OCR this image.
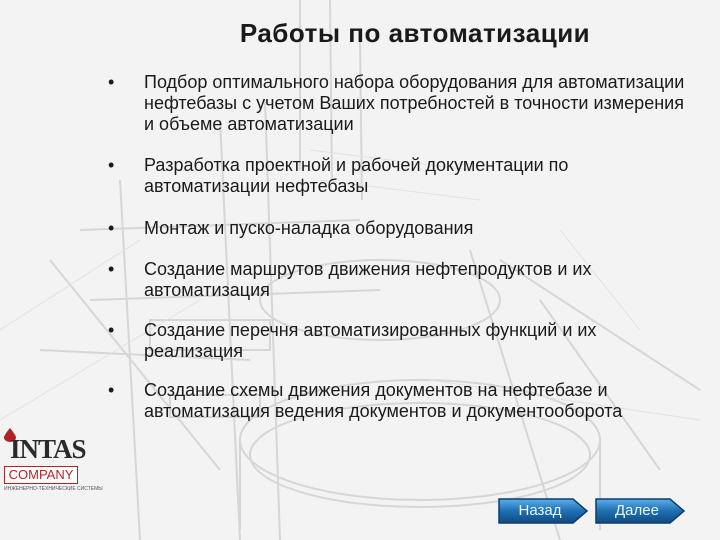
Работы по автоматизации
• Подбор оптимального набора оборудования для автоматизации нефтебазы с учетом Ваших потребностей в точности измерения и объеме автоматизации
• Разработка проектной и рабочей документации по автоматизации нефтебазы
• Монтаж и пуско-наладка оборудования
• Создание маршрутов движения нефтепродуктов и их автоматизация
• Создание перечня автоматизированных функций и их реализация
• Создание схемы движения документов на нефтебазе и автоматизация ведения документов и документооборота
INTAS
COMPANY
ИНЖЕНЕРНО-ТЕХНИЧЕСКИЕ СИСТЕМЫ
Назад	Далее
